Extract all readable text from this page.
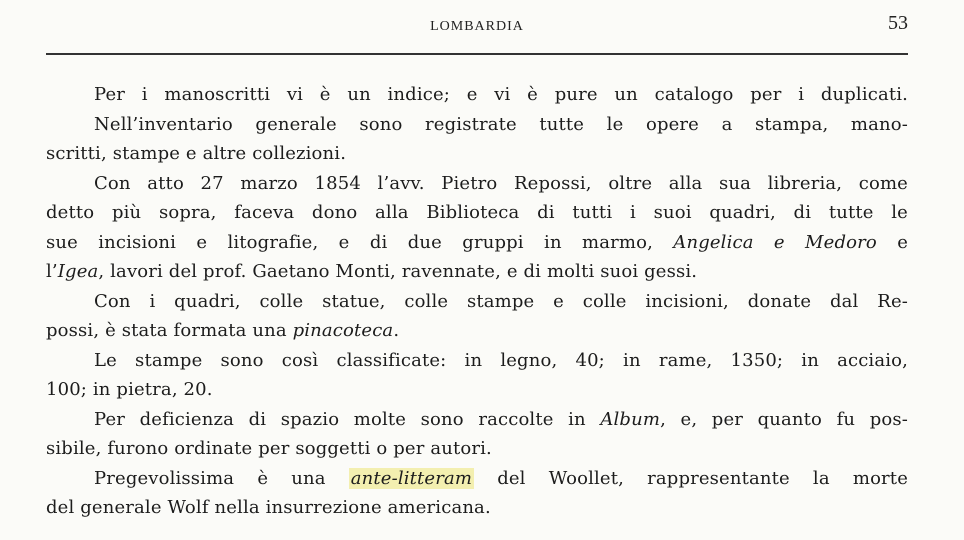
LOMBARDIA	53
Per i manoscritti vi è un indice; e vi è pure un catalogo per i duplicati.
Nell’inventario generale sono registrate tutte le opere a stampa, mano-
scritti, stampe e altre collezioni.
Con atto 27 marzo 1854 l’avv. Pietro Repossi, oltre alla sua libreria, come
detto più sopra, faceva dono alla Biblioteca di tutti i suoi quadri, di tutte le
sue incisioni e litografie, e di due gruppi in marmo, Angelica e Medoro e
l’Igea, lavori del prof. Gaetano Monti, ravennate, e di molti suoi gessi.
Con i quadri, colle statue, colle stampe e colle incisioni, donate dal Re-
possi, è stata formata una pinacoteca.
Le stampe sono così classificate: in legno, 40; in rame, 1350; in acciaio,
100; in pietra, 20.
Per deficienza di spazio molte sono raccolte in Album, e, per quanto fu pos-
sibile, furono ordinate per soggetti o per autori.
Pregevolissima è una ante-litteram del Woollet, rappresentante la morte
del generale Wolf nella insurrezione americana.
